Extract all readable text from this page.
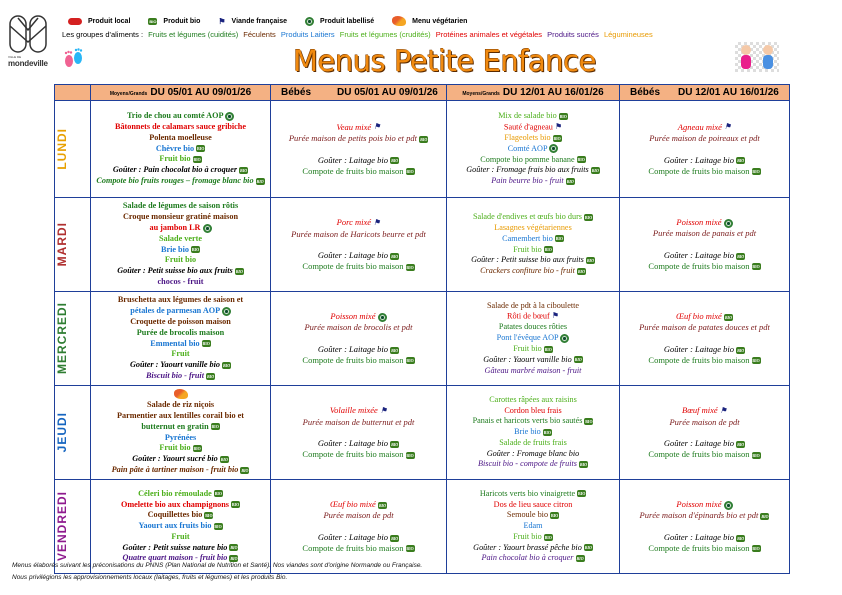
VILLE DE
mondeville
Produit local	BIO Produit bio ⚑ Viande française	Produit labellisé	Menu végétarien
Les groupes d'aliments : Fruits et légumes (cuidités) Féculents Produits Laitiers Fruits et légumes (crudités) Protéines animales et végétales Produits sucrés Légumineuses
Menus Petite Enfance
	Moyens/Grands DU 05/01 AU 09/01/26	Bébés DU 05/01 AU 09/01/26	Moyens/Grands DU 12/01 AU 16/01/26	Bébés DU 12/01 AU 16/01/26

LUNDI

Trio de chou au comté AOP
Bâtonnets de calamars sauce gribiche
Polenta moelleuse
Chèvre bio BIO
Fruit bio BIO
Goûter : Pain chocolat bio à croquer BIO
Compote bio fruits rouges – fromage blanc bio BIO

Veau mixé ⚑
Purée maison de petits pois bio et pdt BIO
Goûter : Laitage bio BIO
Compote de fruits bio maison BIO

Mix de salade bio BIO
Sauté d'agneau ⚑
Flageolets bio BIO
Comté AOP
Compote bio pomme banane BIO
Goûter : Fromage frais bio aux fruits BIO
Pain beurre bio - fruit BIO

Agneau mixé ⚑
Purée maison de poireaux et pdt
Goûter : Laitage bio BIO
Compote de fruits bio maison BIO

MARDI

Salade de légumes de saison rôtis
Croque monsieur gratiné maison
au jambon LR
Salade verte
Brie bio BIO
Fruit bio
Goûter : Petit suisse bio aux fruits BIO
chocos - fruit

Porc mixé ⚑
Purée maison de Haricots beurre et pdt
Goûter : Laitage bio BIO
Compote de fruits bio maison BIO

Salade d'endives et œufs bio durs BIO
Lasagnes végétariennes
Camembert bio BIO
Fruit bio BIO
Goûter : Petit suisse bio aux fruits BIO
Crackers confiture bio - fruit BIO

Poisson mixé
Purée maison de panais et pdt
Goûter : Laitage bio BIO
Compote de fruits bio maison BIO

MERCREDI

Bruschetta aux légumes de saison et
pétales de parmesan AOP
Croquette de poisson maison
Purée de brocolis maison
Emmental bio BIO
Fruit
Goûter : Yaourt vanille bio BIO
Biscuit bio - fruit BIO

Poisson mixé
Purée maison de brocolis et pdt
Goûter : Laitage bio BIO
Compote de fruits bio maison BIO

Salade de pdt à la ciboulette
Rôti de bœuf ⚑
Patates douces rôties
Pont l'évêque AOP
Fruit bio BIO
Goûter : Yaourt vanille bio BIO
Gâteau marbré maison - fruit

Œuf bio mixé BIO
Purée maison de patates douces et pdt
Goûter : Laitage bio BIO
Compote de fruits bio maison BIO

JEUDI

Salade de riz niçois
Parmentier aux lentilles corail bio et
butternut en gratin BIO
Pyrénées
Fruit bio BIO
Goûter : Yaourt sucré bio BIO
Pain pâte à tartiner maison - fruit bio BIO

Volaille mixée ⚑
Purée maison de butternut et pdt
Goûter : Laitage bio BIO
Compote de fruits bio maison BIO

Carottes râpées aux raisins
Cordon bleu frais
Panais et haricots verts bio sautés BIO
Brie bio BIO
Salade de fruits frais
Goûter : Fromage blanc bio
Biscuit bio - compote de fruits BIO

Bœuf mixé ⚑
Purée maison de pdt
Goûter : Laitage bio BIO
Compote de fruits bio maison BIO

VENDREDI	Céleri bio rémoulade BIO
Omelette bio aux champignons BIO
Coquillettes bio BIO
Yaourt aux fruits bio BIO
Fruit
Goûter : Petit suisse nature bio BIO
Quatre quart maison - fruit bio BIO

Œuf bio mixé BIO
Purée maison de pdt
Goûter : Laitage bio BIO
Compote de fruits bio maison BIO

Haricots verts bio vinaigrette BIO
Dos de lieu sauce citron
Semoule bio BIO
Edam
Fruit bio BIO
Goûter : Yaourt brassé pêche bio BIO
Pain chocolat bio à croquer BIO

Poisson mixé
Purée maison d'épinards bio et pdt BIO
Goûter : Laitage bio BIO
Compote de fruits bio maison BIO
Menus élaborés suivant les préconisations du PNNS (Plan National de Nutrition et Santé). Nos viandes sont d'origine Normande ou Française.
Nous privilégions les approvisionnements locaux (laitages, fruits et légumes) et les produits Bio.
